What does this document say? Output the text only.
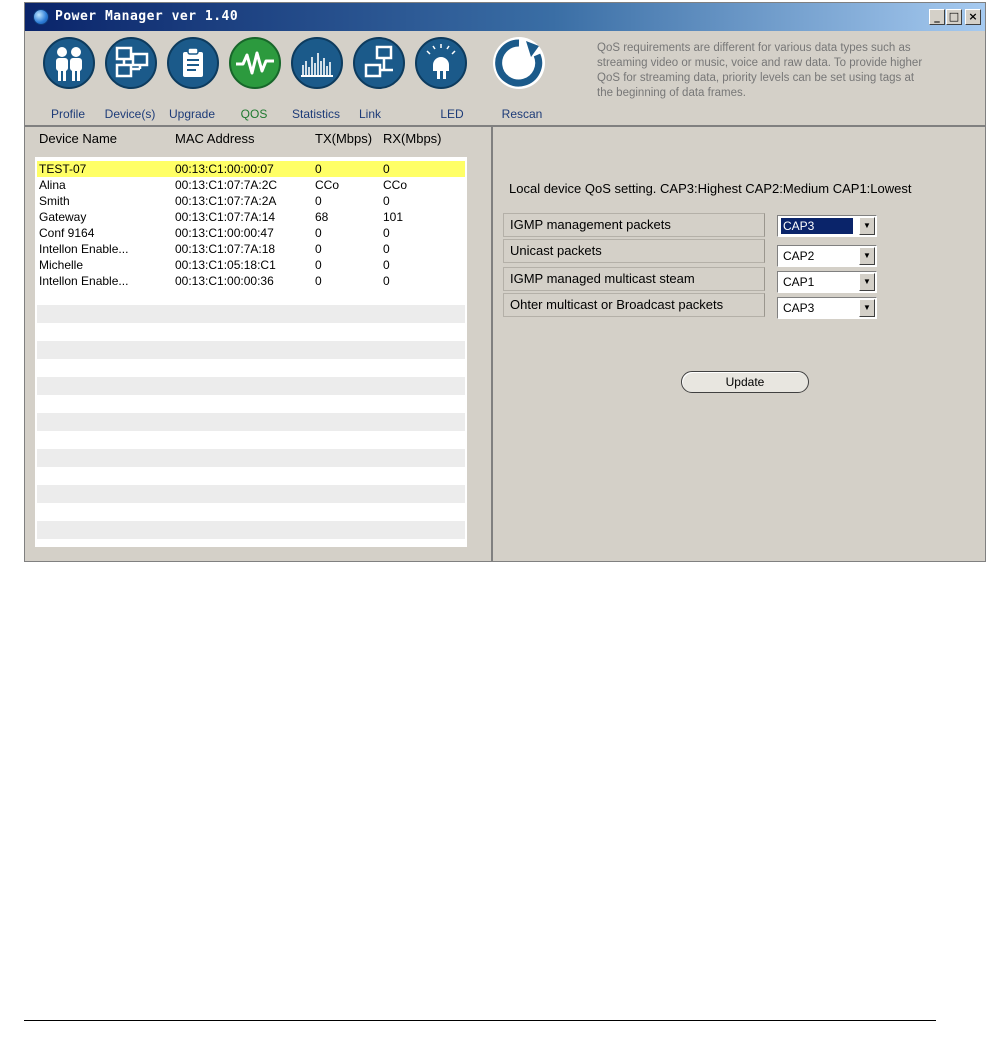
Power Manager ver 1.40	_ □ ×
Profile	Device(s)	Upgrade	QOS	Statistics	Link	LED	Rescan
QoS requirements are different for various data types such as streaming video or music, voice and raw data. To provide higher QoS for streaming data, priority levels can be set using tags at the beginning of data frames.
Device Name	MAC Address	TX(Mbps) RX(Mbps)
TEST-07	00:13:C1:00:00:07	0	0
Alina	00:13:C1:07:7A:2C	CCo	CCo
Smith	00:13:C1:07:7A:2A	0	0
Gateway	00:13:C1:07:7A:14	68	101
Conf 9164	00:13:C1:00:00:47	0	0
Intellon Enable...	00:13:C1:07:7A:18	0	0
Michelle	00:13:C1:05:18:C1	0	0
Intellon Enable...	00:13:C1:00:00:36	0	0
Local device QoS setting. CAP3:Highest CAP2:Medium CAP1:Lowest
IGMP management packets	CAP3	▼
Unicast packets	CAP2	▼
IGMP managed multicast steam	CAP1	▼
Ohter multicast or Broadcast packets	CAP3	▼
Update
